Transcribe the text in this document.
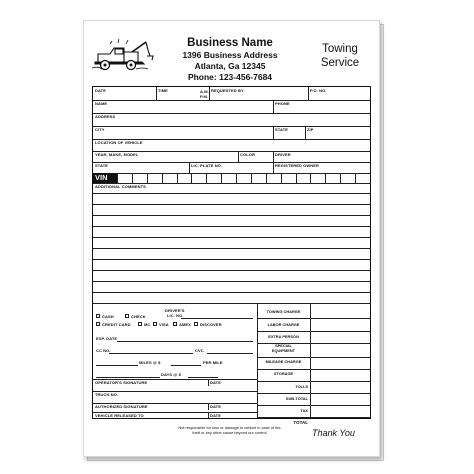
Business Name
1396 Business Address
Atlanta, Ga 12345
Phone: 123-456-7684
Towing
Service
DATE	TIME	A.M.
P.M.
REQUESTED BY	P.O. NO.
NAME	PHONE
ADDRESS
CITY	STATE	ZIP
LOCATION OF VEHICLE
YEAR, MAKE, MODEL	COLOR	DRIVER
STATE	LIC. PLATE NO.	REGISTERED OWNER
VIN
ADDITIONAL COMMENTS
TOWING CHARGE
LABOR CHARGE
EXTRA PERSON
SPECIAL
EQUIPMENT
MILEAGE CHARGE
STORAGE
TOLLS
SUB-TOTAL
TAX
TOTAL
CASH	CHECK
DRIVER'S
LIC. NO.
CREDIT CARD	MC VISA	AMEX DISCOVER
EXP. DATE
CC NO.	CVC
MILES @ $	PER MILE
DAYS @ $
OPERATOR'S SIGNATURE	DATE
TRUCK NO.
AUTHORIZED SIGNATURE	DATE
VEHICLE RELEASED TO	DATE
Not responsible for loss or damage to vehicle in case of fire,
theft or any other cause beyond our control.	Thank You
